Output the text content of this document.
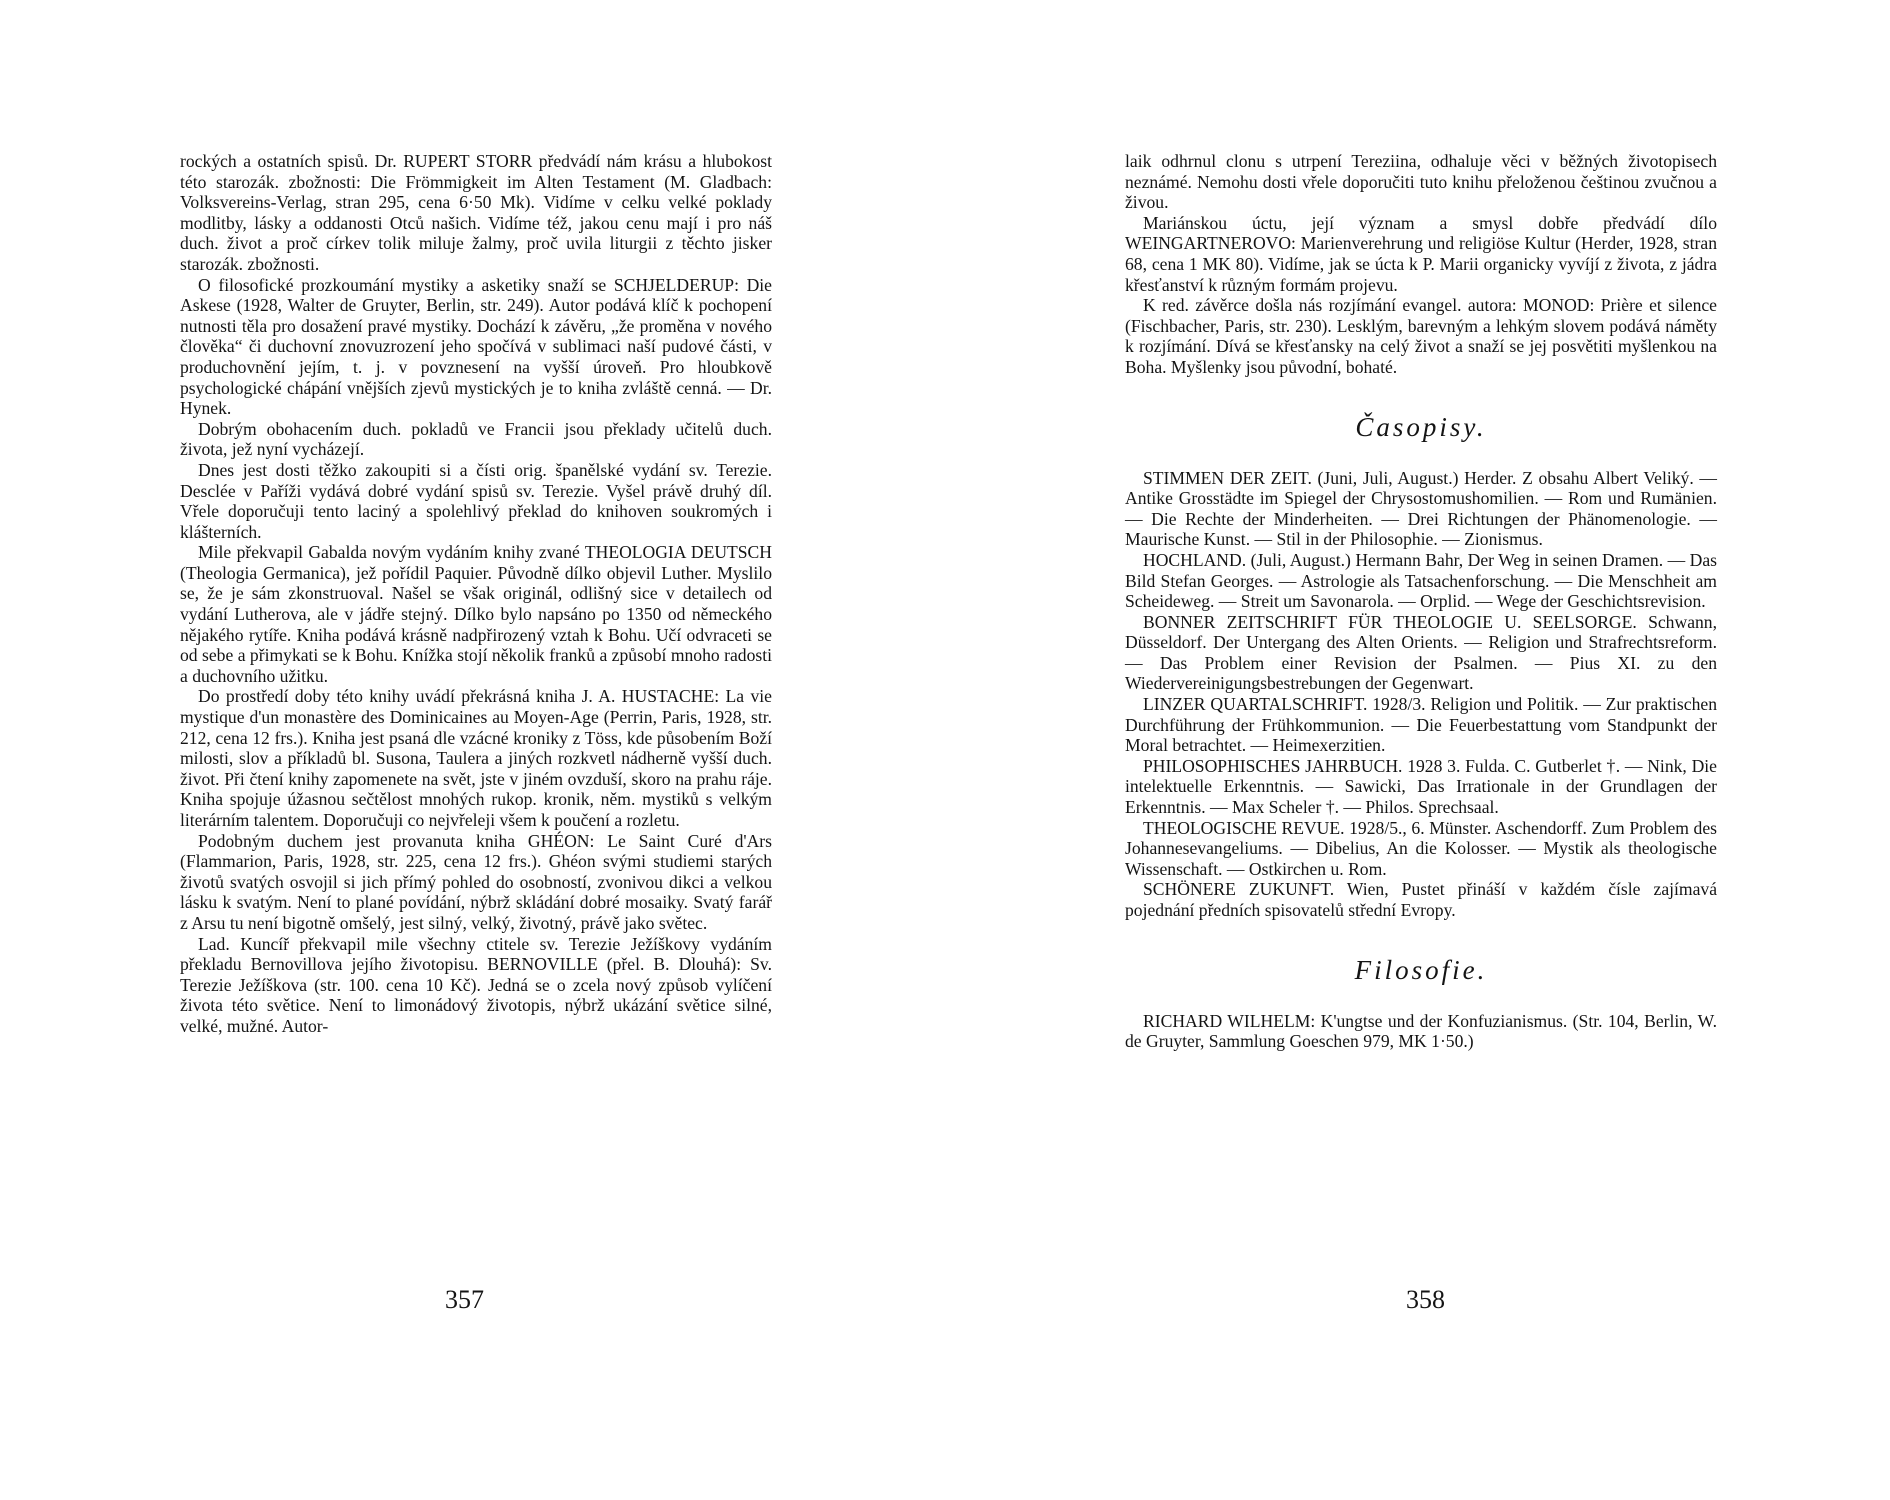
rockých a ostatních spisů. Dr. RUPERT STORR předvádí nám krásu a hlubokost této starozák. zbožnosti: Die Frömmigkeit im Alten Testament (M. Gladbach: Volksvereins-Verlag, stran 295, cena 6·50 Mk). Vidíme v celku velké poklady modlitby, lásky a oddanosti Otců našich. Vidíme též, jakou cenu mají i pro náš duch. život a proč církev tolik miluje žalmy, proč uvila liturgii z těchto jisker starozák. zbožnosti.

O filosofické prozkoumání mystiky a asketiky snaží se SCHJELDERUP: Die Askese (1928, Walter de Gruyter, Berlin, str. 249). Autor podává klíč k pochopení nutnosti těla pro dosažení pravé mystiky. Dochází k závěru, „že proměna v nového člověka“ či duchovní znovuzrození jeho spočívá v sublimaci naší pudové části, v produchovnění jejím, t. j. v povznesení na vyšší úroveň. Pro hloubkově psychologické chápání vnějších zjevů mystických je to kniha zvláště cenná. — Dr. Hynek.

Dobrým obohacením duch. pokladů ve Francii jsou překlady učitelů duch. života, jež nyní vycházejí.

Dnes jest dosti těžko zakoupiti si a čísti orig. španělské vydání sv. Terezie. Desclée v Paříži vydává dobré vydání spisů sv. Terezie. Vyšel právě druhý díl. Vřele doporučuji tento laciný a spolehlivý překlad do knihoven soukromých i klášterních.

Mile překvapil Gabalda novým vydáním knihy zvané THEOLOGIA DEUTSCH (Theologia Germanica), jež pořídil Paquier. Původně dílko objevil Luther. Myslilo se, že je sám zkonstruoval. Našel se však originál, odlišný sice v detailech od vydání Lutherova, ale v jádře stejný. Dílko bylo napsáno po 1350 od německého nějakého rytíře. Kniha podává krásně nadpřirozený vztah k Bohu. Učí odvraceti se od sebe a přimykati se k Bohu. Knížka stojí několik franků a způsobí mnoho radosti a duchovního užitku.

Do prostředí doby této knihy uvádí překrásná kniha J. A. HUSTACHE: La vie mystique d'un monastère des Dominicaines au Moyen-Age (Perrin, Paris, 1928, str. 212, cena 12 frs.). Kniha jest psaná dle vzácné kroniky z Töss, kde působením Boží milosti, slov a příkladů bl. Susona, Taulera a jiných rozkvetl nádherně vyšší duch. život. Při čtení knihy zapomenete na svět, jste v jiném ovzduší, skoro na prahu ráje. Kniha spojuje úžasnou sečtělost mnohých rukop. kronik, něm. mystiků s velkým literárním talentem. Doporučuji co nejvřeleji všem k poučení a rozletu.

Podobným duchem jest provanuta kniha GHÉON: Le Saint Curé d'Ars (Flammarion, Paris, 1928, str. 225, cena 12 frs.). Ghéon svými studiemi starých životů svatých osvojil si jich přímý pohled do osobností, zvonivou dikci a velkou lásku k svatým. Není to plané povídání, nýbrž skládání dobré mosaiky. Svatý farář z Arsu tu není bigotně omšelý, jest silný, velký, životný, právě jako světec.

Lad. Kuncíř překvapil mile všechny ctitele sv. Terezie Ježíškovy vydáním překladu Bernovillova jejího životopisu. BERNOVILLE (přel. B. Dlouhá): Sv. Terezie Ježíškova (str. 100. cena 10 Kč). Jedná se o zcela nový způsob vylíčení života této světice. Není to limonádový životopis, nýbrž ukázání světice silné, velké, mužné. Autor-

357

laik odhrnul clonu s utrpení Tereziina, odhaluje věci v běžných životopisech neznámé. Nemohu dosti vřele doporučiti tuto knihu přeloženou češtinou zvučnou a živou.

Mariánskou úctu, její význam a smysl dobře předvádí dílo WEINGARTNEROVO: Marienverehrung und religiöse Kultur (Herder, 1928, stran 68, cena 1 MK 80). Vidíme, jak se úcta k P. Marii organicky vyvíjí z života, z jádra křesťanství k různým formám projevu.

K red. závěrce došla nás rozjímání evangel. autora: MONOD: Prière et silence (Fischbacher, Paris, str. 230). Lesklým, barevným a lehkým slovem podává náměty k rozjímání. Dívá se křesťansky na celý život a snaží se jej posvětiti myšlenkou na Boha. Myšlenky jsou původní, bohaté.

Časopisy.

STIMMEN DER ZEIT. (Juni, Juli, August.) Herder. Z obsahu Albert Veliký. — Antike Grosstädte im Spiegel der Chrysostomushomilien. — Rom und Rumänien. — Die Rechte der Minderheiten. — Drei Richtungen der Phänomenologie. — Maurische Kunst. — Stil in der Philosophie. — Zionismus.

HOCHLAND. (Juli, August.) Hermann Bahr, Der Weg in seinen Dramen. — Das Bild Stefan Georges. — Astrologie als Tatsachenforschung. — Die Menschheit am Scheideweg. — Streit um Savonarola. — Orplid. — Wege der Geschichtsrevision.

BONNER ZEITSCHRIFT FÜR THEOLOGIE U. SEELSORGE. Schwann, Düsseldorf. Der Untergang des Alten Orients. — Religion und Strafrechtsreform. — Das Problem einer Revision der Psalmen. — Pius XI. zu den Wiedervereinigungsbestrebungen der Gegenwart.

LINZER QUARTALSCHRIFT. 1928/3. Religion und Politik. — Zur praktischen Durchführung der Frühkommunion. — Die Feuerbestattung vom Standpunkt der Moral betrachtet. — Heimexerzitien.

PHILOSOPHISCHES JAHRBUCH. 1928 3. Fulda. C. Gutberlet †. — Nink, Die intelektuelle Erkenntnis. — Sawicki, Das Irrationale in der Grundlagen der Erkenntnis. — Max Scheler †. — Philos. Sprechsaal.

THEOLOGISCHE REVUE. 1928/5., 6. Münster. Aschendorff. Zum Problem des Johannesevangeliums. — Dibelius, An die Kolosser. — Mystik als theologische Wissenschaft. — Ostkirchen u. Rom.

SCHÖNERE ZUKUNFT. Wien, Pustet přináší v každém čísle zajímavá pojednání předních spisovatelů střední Evropy.

Filosofie.

RICHARD WILHELM: K'ungtse und der Konfuzianismus. (Str. 104, Berlin, W. de Gruyter, Sammlung Goeschen 979, MK 1·50.)

358
